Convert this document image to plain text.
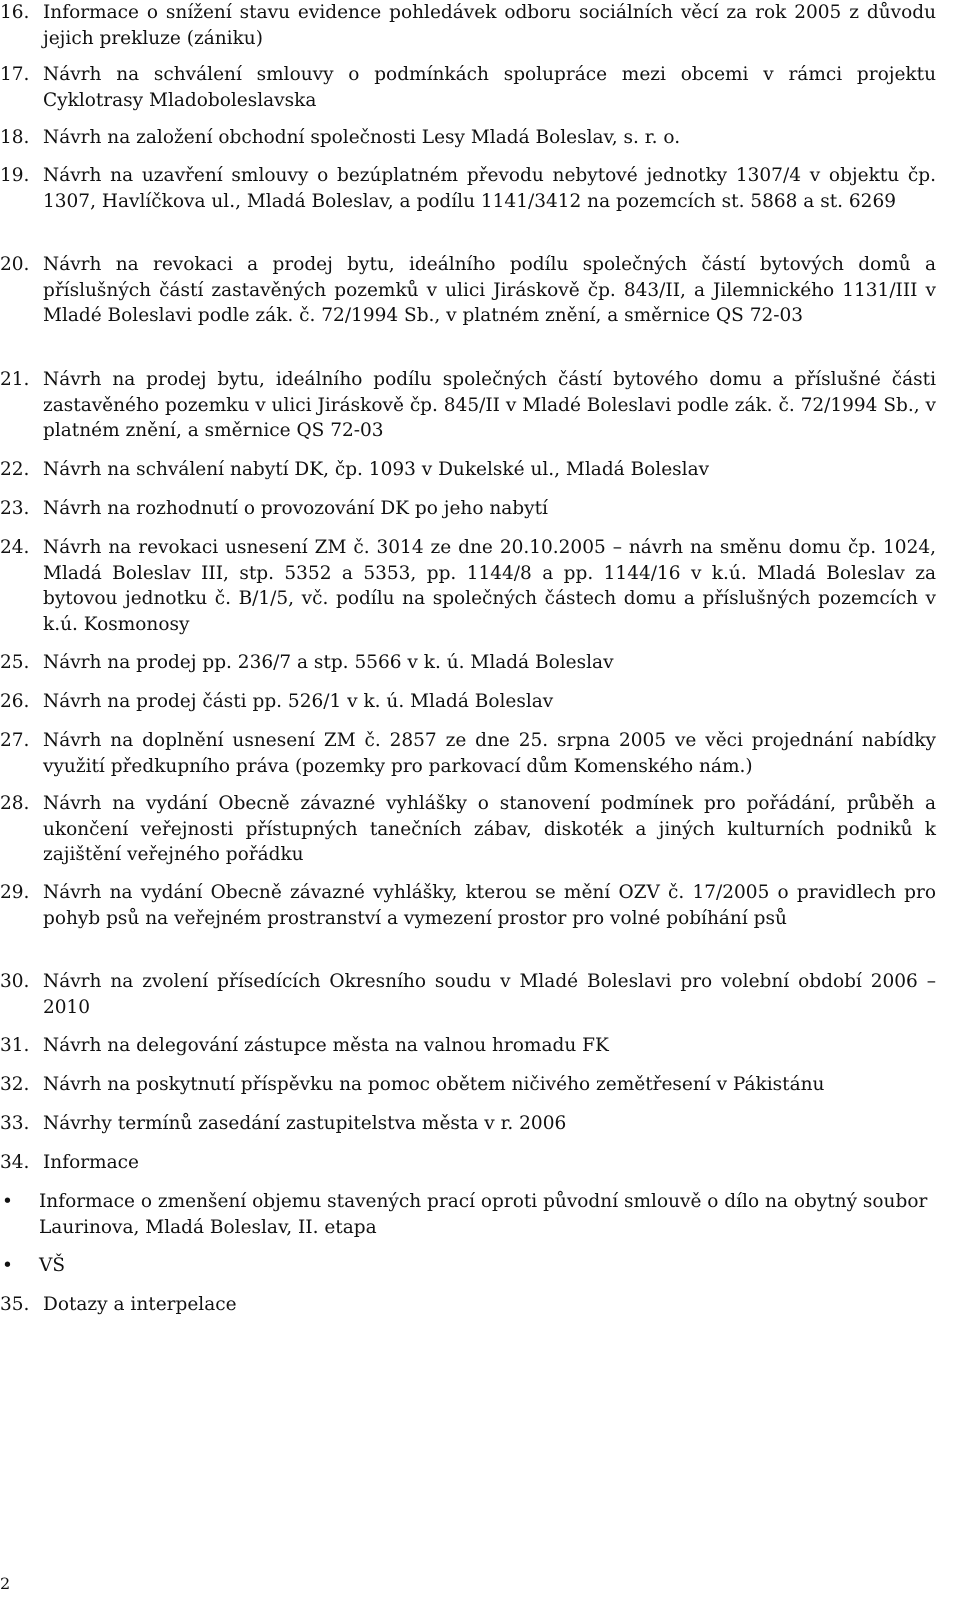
16. Informace o snížení stavu evidence pohledávek odboru sociálních věcí za rok 2005 z důvodu jejich prekluze (zániku)
17. Návrh na schválení smlouvy o podmínkách spolupráce mezi obcemi v rámci projektu Cyklotrasy Mladoboleslavska
18. Návrh na založení obchodní společnosti Lesy Mladá Boleslav, s. r. o.
19. Návrh na uzavření smlouvy o bezúplatném převodu nebytové jednotky 1307/4 v objektu čp. 1307, Havlíčkova ul., Mladá Boleslav, a podílu 1141/3412 na pozemcích st. 5868 a st. 6269
20. Návrh na revokaci a prodej bytu, ideálního podílu společných částí bytových domů a příslušných částí zastavěných pozemků v ulici Jiráskově čp. 843/II, a Jilemnického 1131/III v Mladé Boleslavi podle zák. č. 72/1994 Sb., v platném znění, a směrnice QS 72-03
21. Návrh na prodej bytu, ideálního podílu společných částí bytového domu a příslušné části zastavěného pozemku v ulici Jiráskově čp. 845/II v Mladé Boleslavi podle zák. č. 72/1994 Sb., v platném znění, a směrnice QS 72-03
22. Návrh na schválení nabytí DK, čp. 1093 v Dukelské ul., Mladá Boleslav
23. Návrh na rozhodnutí o provozování DK po jeho nabytí
24. Návrh na revokaci usnesení ZM č. 3014 ze dne 20.10.2005 – návrh na směnu domu čp. 1024, Mladá Boleslav III, stp. 5352 a 5353, pp. 1144/8 a pp. 1144/16 v k.ú. Mladá Boleslav za bytovou jednotku č. B/1/5, vč. podílu na společných částech domu a příslušných pozemcích v k.ú. Kosmonosy
25. Návrh na prodej pp. 236/7 a stp. 5566 v k. ú. Mladá Boleslav
26. Návrh na prodej části pp. 526/1 v k. ú. Mladá Boleslav
27. Návrh na doplnění usnesení ZM č. 2857 ze dne 25. srpna 2005 ve věci projednání nabídky využití předkupního práva (pozemky pro parkovací dům Komenského nám.)
28. Návrh na vydání Obecně závazné vyhlášky o stanovení podmínek pro pořádání, průběh a ukončení veřejnosti přístupných tanečních zábav, diskoték a jiných kulturních podniků k zajištění veřejného pořádku
29. Návrh na vydání Obecně závazné vyhlášky, kterou se mění OZV č. 17/2005 o pravidlech pro pohyb psů na veřejném prostranství a vymezení prostor pro volné pobíhání psů
30. Návrh na zvolení přísedících Okresního soudu v Mladé Boleslavi pro volební období 2006 – 2010
31. Návrh na delegování zástupce města na valnou hromadu FK
32. Návrh na poskytnutí příspěvku na pomoc obětem ničivého zemětřesení v Pákistánu
33. Návrhy termínů zasedání zastupitelstva města v r. 2006
34. Informace
•	Informace o zmenšení objemu stavených prací oproti původní smlouvě o dílo na obytný soubor Laurinova, Mladá Boleslav, II. etapa
•	VŠ
35. Dotazy a interpelace
2
